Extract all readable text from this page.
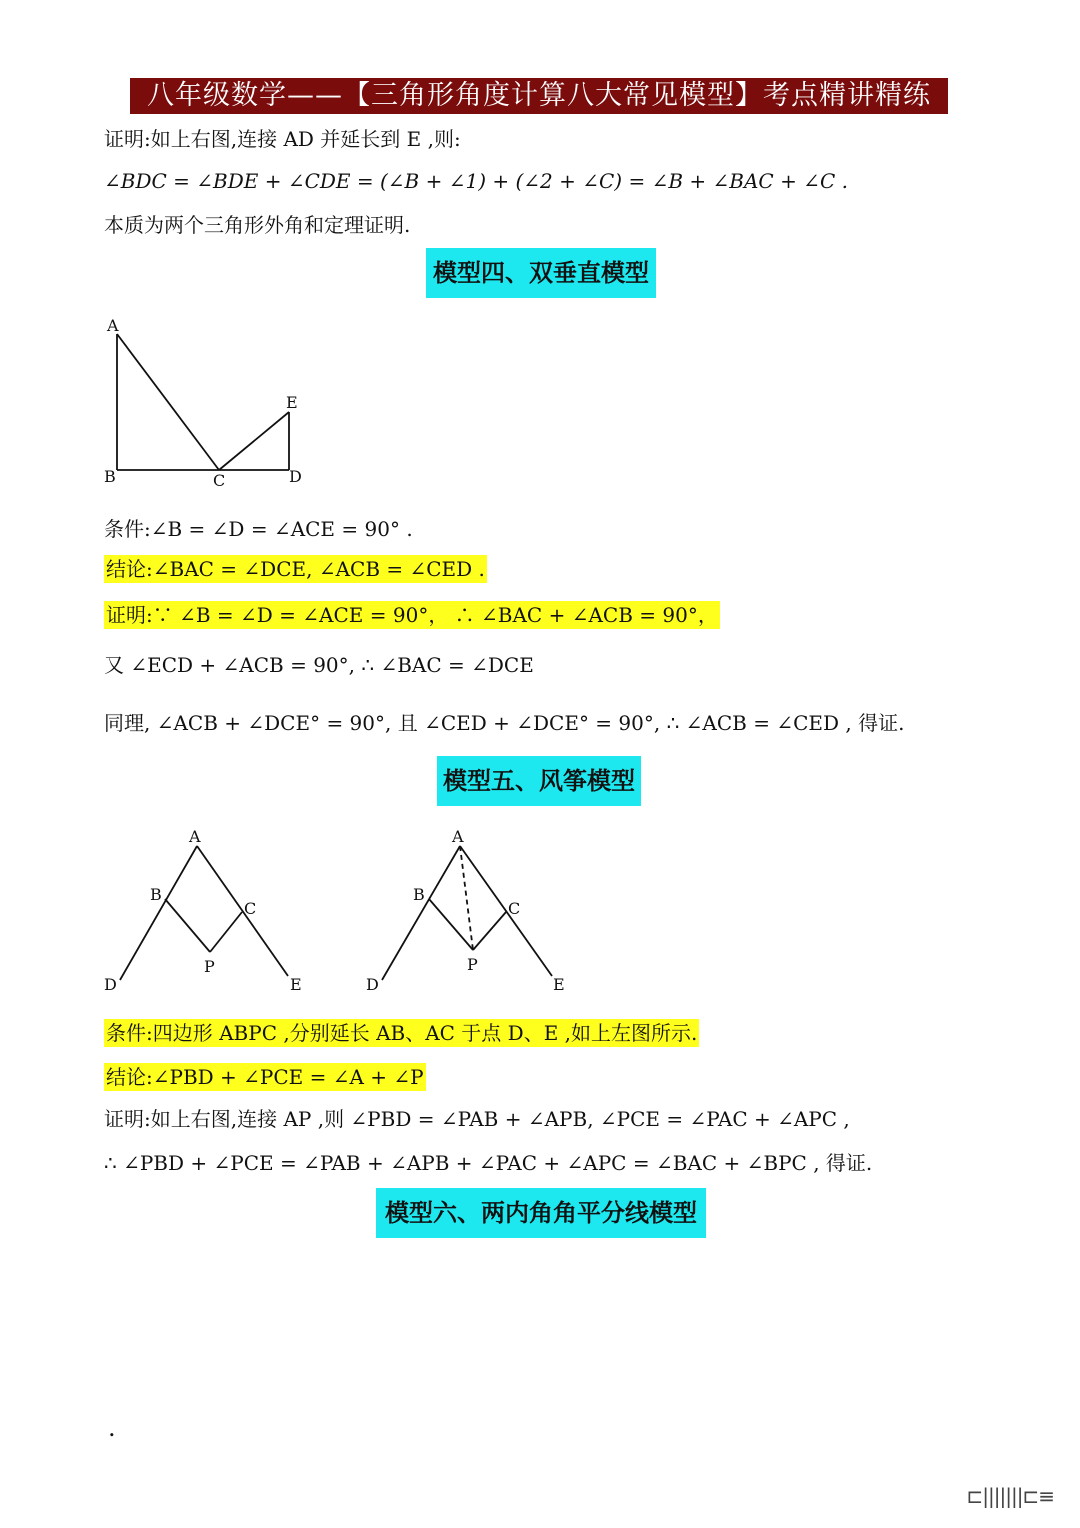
八年级数学——【三角形角度计算八大常见模型】考点精讲精练
证明:如上右图,连接 AD 并延长到 E ,则:
∠BDC = ∠BDE + ∠CDE = (∠B + ∠1) + (∠2 + ∠C) = ∠B + ∠BAC + ∠C .
本质为两个三角形外角和定理证明.
模型四、双垂直模型
A
B	C	D
E
条件:∠B = ∠D = ∠ACE = 90° .
结论:∠BAC = ∠DCE, ∠ACB = ∠CED .
证明:∵ ∠B = ∠D = ∠ACE = 90°， ∴ ∠BAC + ∠ACB = 90°，
又 ∠ECD + ∠ACB = 90°, ∴ ∠BAC = ∠DCE
同理, ∠ACB + ∠DCE° = 90°, 且 ∠CED + ∠DCE° = 90°, ∴ ∠ACB = ∠CED , 得证.
模型五、风筝模型
A
B
C
P
D	E
A
B
C
P
D	E
条件:四边形 ABPC ,分别延长 AB、AC 于点 D、E ,如上左图所示.
结论:∠PBD + ∠PCE = ∠A + ∠P
证明:如上右图,连接 AP ,则 ∠PBD = ∠PAB + ∠APB, ∠PCE = ∠PAC + ∠APC ,
∴ ∠PBD + ∠PCE = ∠PAB + ∠APB + ∠PAC + ∠APC = ∠BAC + ∠BPC , 得证.
模型六、两内角角平分线模型
.
⊏|||||||⊏≡
